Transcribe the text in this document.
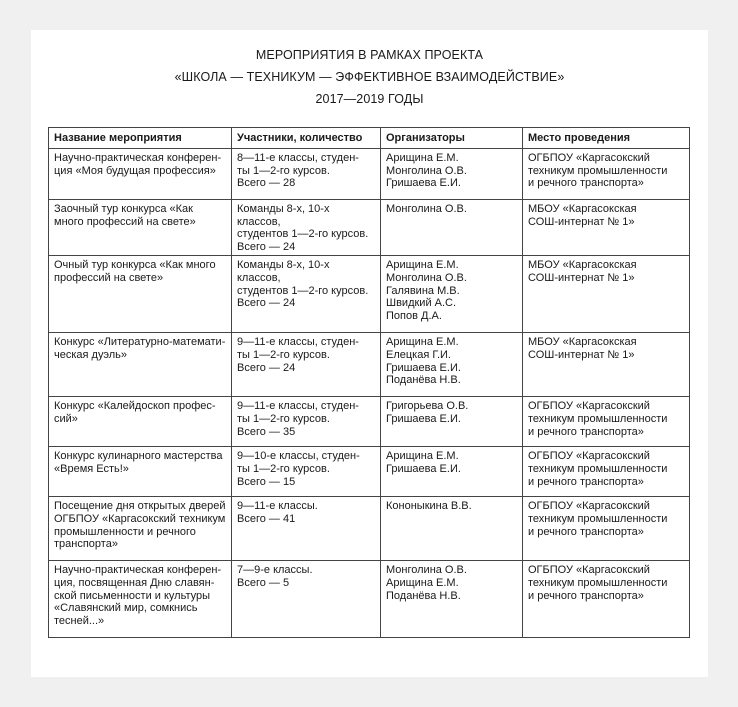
МЕРОПРИЯТИЯ В РАМКАХ ПРОЕКТА
«ШКОЛА — ТЕХНИКУМ — ЭФФЕКТИВНОЕ ВЗАИМОДЕЙСТВИЕ»
2017—2019 ГОДЫ
Название мероприятия	Участники, количество	Организаторы	Место проведения
Научно-практическая конферен-
ция «Моя будущая профессия»	8—11-е классы, студен-
ты 1—2-го курсов.
Всего — 28	Арищина Е.М.
Монголина О.В.
Гришаева Е.И.	ОГБПОУ «Каргасокский
техникум промышленности
и речного транспорта»
Заочный тур конкурса «Как
много профессий на свете»	Команды 8-х, 10-х классов,
студентов 1—2-го курсов.
Всего — 24	Монголина О.В.	МБОУ «Каргасокская
СОШ-интернат № 1»
Очный тур конкурса «Как много
профессий на свете»	Команды 8-х, 10-х классов,
студентов 1—2-го курсов.
Всего — 24	Арищина Е.М.
Монголина О.В.
Галявина М.В.
Швидкий А.С.
Попов Д.А.	МБОУ «Каргасокская
СОШ-интернат № 1»
Конкурс «Литературно-математи-
ческая дуэль»	9—11-е классы, студен-
ты 1—2-го курсов.
Всего — 24	Арищина Е.М.
Елецкая Г.И.
Гришаева Е.И.
Поданёва Н.В.	МБОУ «Каргасокская
СОШ-интернат № 1»
Конкурс «Калейдоскоп профес-
сий»	9—11-е классы, студен-
ты 1—2-го курсов.
Всего — 35	Григорьева О.В.
Гришаева Е.И.	ОГБПОУ «Каргасокский
техникум промышленности
и речного транспорта»
Конкурс кулинарного мастерства
«Время Есть!»	9—10-е классы, студен-
ты 1—2-го курсов.
Всего — 15	Арищина Е.М.
Гришаева Е.И.	ОГБПОУ «Каргасокский
техникум промышленности
и речного транспорта»
Посещение дня открытых дверей
ОГБПОУ «Каргасокский техникум
промышленности и речного
транспорта»	9—11-е классы.
Всего — 41	Кононыкина В.В.	ОГБПОУ «Каргасокский
техникум промышленности
и речного транспорта»
Научно-практическая конферен-
ция, посвященная Дню славян-
ской письменности и культуры
«Славянский мир, сомкнись
тесней...»	7—9-е классы.
Всего — 5	Монголина О.В.
Арищина Е.М.
Поданёва Н.В.	ОГБПОУ «Каргасокский
техникум промышленности
и речного транспорта»
